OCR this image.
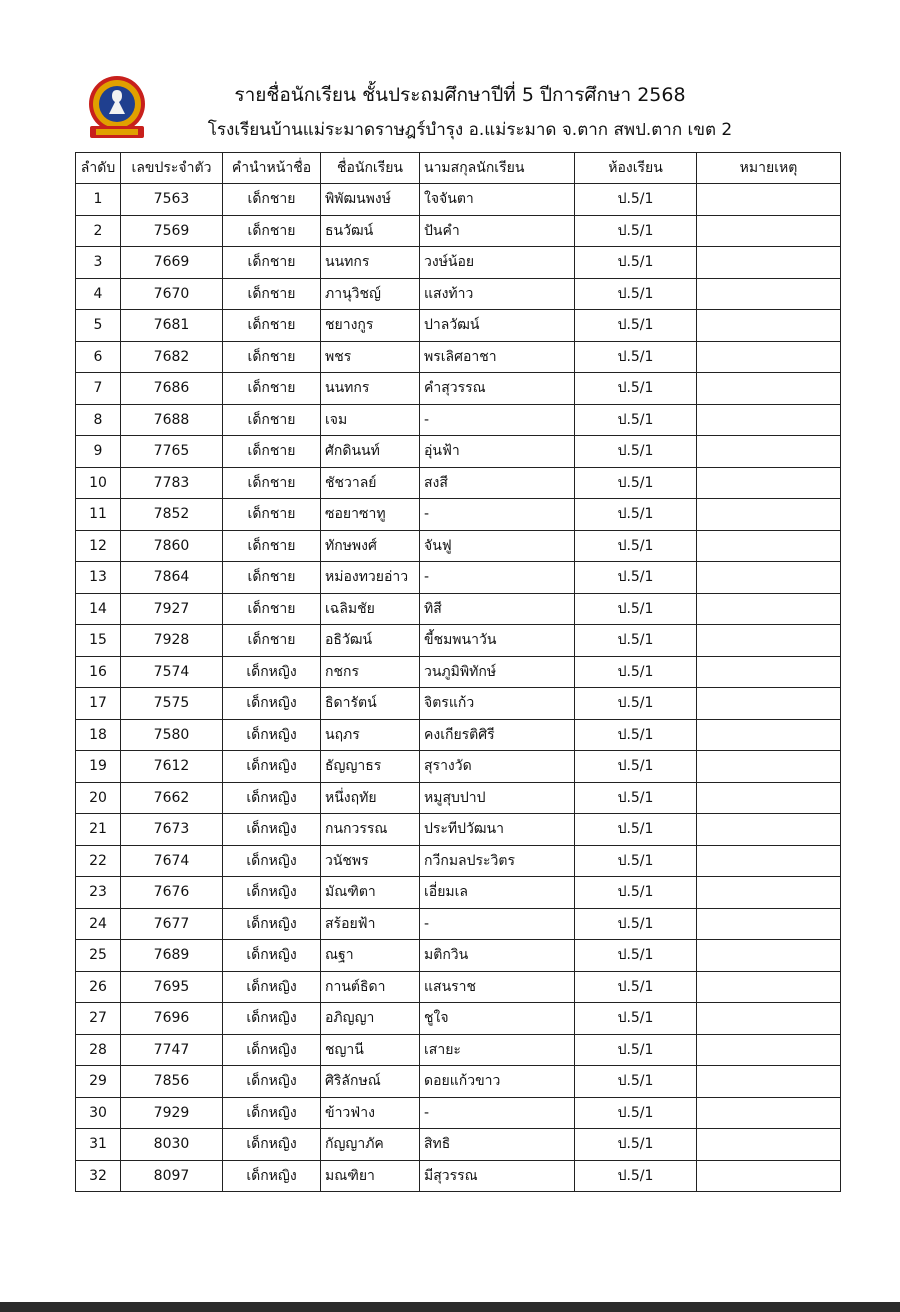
รายชื่อนักเรียน ชั้นประถมศึกษาปีที่ 5 ปีการศึกษา 2568
โรงเรียนบ้านแม่ระมาดราษฎร์บำรุง อ.แม่ระมาด จ.ตาก สพป.ตาก เขต 2
ลำดับ	เลขประจำตัว	คำนำหน้าชื่อ	ชื่อนักเรียน	นามสกุลนักเรียน	ห้องเรียน	หมายเหตุ
1	7563	เด็กชาย	พิพัฒนพงษ์	ใจจันตา	ป.5/1	
2	7569	เด็กชาย	ธนวัฒน์	ปันคำ	ป.5/1	
3	7669	เด็กชาย	นนทกร	วงษ์น้อย	ป.5/1	
4	7670	เด็กชาย	ภานุวิชญ์	แสงท้าว	ป.5/1	
5	7681	เด็กชาย	ชยางกูร	ปาลวัฒน์	ป.5/1	
6	7682	เด็กชาย	พชร	พรเลิศอาชา	ป.5/1	
7	7686	เด็กชาย	นนทกร	คำสุวรรณ	ป.5/1	
8	7688	เด็กชาย	เจม	-	ป.5/1	
9	7765	เด็กชาย	ศักดินนท์	อุ่นฟ้า	ป.5/1	
10	7783	เด็กชาย	ชัชวาลย์	สงสี	ป.5/1	
11	7852	เด็กชาย	ซอยาซาทู	-	ป.5/1	
12	7860	เด็กชาย	ทักษพงศ์	จันฟู	ป.5/1	
13	7864	เด็กชาย	หม่องทวยอ่าว	-	ป.5/1	
14	7927	เด็กชาย	เฉลิมชัย	ทิสี	ป.5/1	
15	7928	เด็กชาย	อธิวัฒน์	ขี้ชมพนาวัน	ป.5/1	
16	7574	เด็กหญิง	กชกร	วนภูมิพิทักษ์	ป.5/1	
17	7575	เด็กหญิง	ธิดารัตน์	จิตรแก้ว	ป.5/1	
18	7580	เด็กหญิง	นฤภร	คงเกียรติศิรี	ป.5/1	
19	7612	เด็กหญิง	ธัญญาธร	สุรางวัด	ป.5/1	
20	7662	เด็กหญิง	หนึ่งฤทัย	หมูสุบปาป	ป.5/1	
21	7673	เด็กหญิง	กนกวรรณ	ประทีปวัฒนา	ป.5/1	
22	7674	เด็กหญิง	วนัชพร	กวีกมลประวิตร	ป.5/1	
23	7676	เด็กหญิง	มัณฑิตา	เอี่ยมเล	ป.5/1	
24	7677	เด็กหญิง	สร้อยฟ้า	-	ป.5/1	
25	7689	เด็กหญิง	ณฐา	มติกวิน	ป.5/1	
26	7695	เด็กหญิง	กานต์ธิดา	แสนราช	ป.5/1	
27	7696	เด็กหญิง	อภิญญา	ชูใจ	ป.5/1	
28	7747	เด็กหญิง	ชญานี	เสายะ	ป.5/1	
29	7856	เด็กหญิง	ศิริลักษณ์	ดอยแก้วขาว	ป.5/1	
30	7929	เด็กหญิง	ข้าวฟ่าง	-	ป.5/1	
31	8030	เด็กหญิง	กัญญาภัค	สิทธิ	ป.5/1	
32	8097	เด็กหญิง	มณฑิยา	มีสุวรรณ	ป.5/1	
